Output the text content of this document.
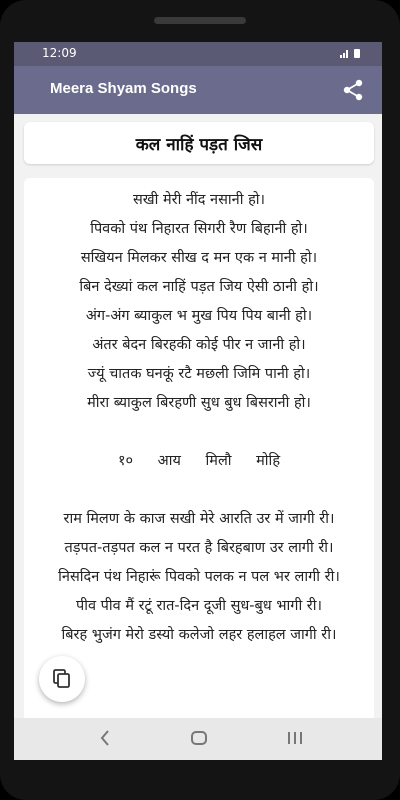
12:09
Meera Shyam Songs
कल नाहिं पड़त जिस

सखी मेरी नींद नसानी हो।

पिवको पंथ निहारत सिगरी रैण बिहानी हो।

सखियन मिलकर सीख द मन एक न मानी हो।

बिन देख्यां कल नाहिं पड़त जिय ऐसी ठानी हो।

अंग-अंग ब्याकुल भ मुख पिय पिय बानी हो।

अंतर बेदन बिरहकी कोई पीर न जानी हो।

ज्यूं चातक घनकूं रटै मछली जिमि पानी हो।

मीरा ब्याकुल बिरहणी सुध बुध बिसरानी हो।

१० आय मिलौ मोहि

राम मिलण के काज सखी मेरे आरति उर में जागी री।

तड़पत-तड़पत कल न परत है बिरहबाण उर लागी री।

निसदिन पंथ निहारूं पिवको पलक न पल भर लागी री।

पीव पीव मैं रटूं रात-दिन दूजी सुध-बुध भागी री।

बिरह भुजंग मेरो डस्यो कलेजो लहर हलाहल जागी री।
